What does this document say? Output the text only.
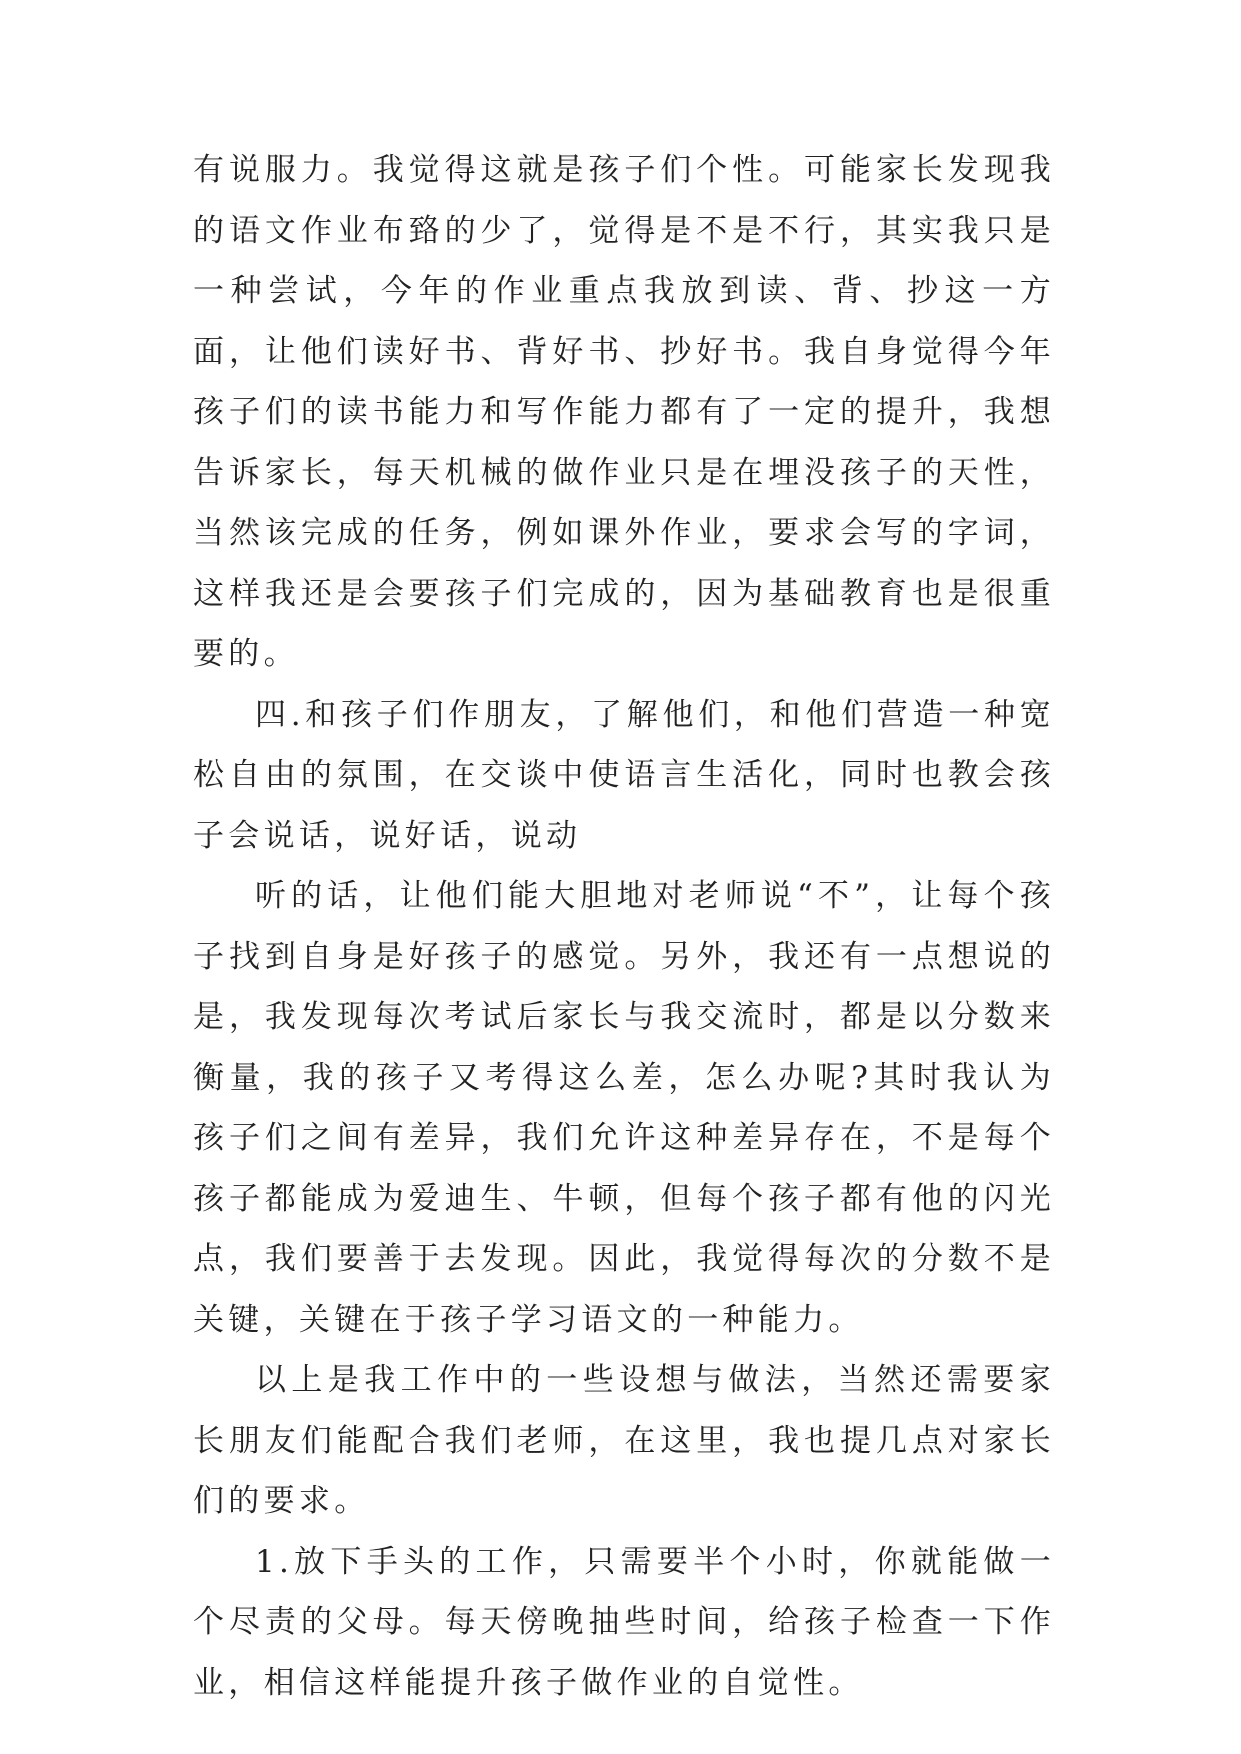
有说服力。我觉得这就是孩子们个性。可能家长发现我的语文作业布臵的少了，觉得是不是不行，其实我只是一种尝试，今年的作业重点我放到读、背、抄这一方面，让他们读好书、背好书、抄好书。我自身觉得今年孩子们的读书能力和写作能力都有了一定的提升，我想告诉家长，每天机械的做作业只是在埋没孩子的天性，当然该完成的任务，例如课外作业，要求会写的字词，这样我还是会要孩子们完成的，因为基础教育也是很重要的。

四.和孩子们作朋友，了解他们，和他们营造一种宽松自由的氛围，在交谈中使语言生活化，同时也教会孩子会说话，说好话，说动

听的话，让他们能大胆地对老师说“不”，让每个孩子找到自身是好孩子的感觉。另外，我还有一点想说的是，我发现每次考试后家长与我交流时，都是以分数来衡量，我的孩子又考得这么差，怎么办呢?其时我认为孩子们之间有差异，我们允许这种差异存在，不是每个孩子都能成为爱迪生、牛顿，但每个孩子都有他的闪光点，我们要善于去发现。因此，我觉得每次的分数不是关键，关键在于孩子学习语文的一种能力。

以上是我工作中的一些设想与做法，当然还需要家长朋友们能配合我们老师，在这里，我也提几点对家长们的要求。

1.放下手头的工作，只需要半个小时，你就能做一个尽责的父母。每天傍晚抽些时间，给孩子检查一下作业，相信这样能提升孩子做作业的自觉性。
